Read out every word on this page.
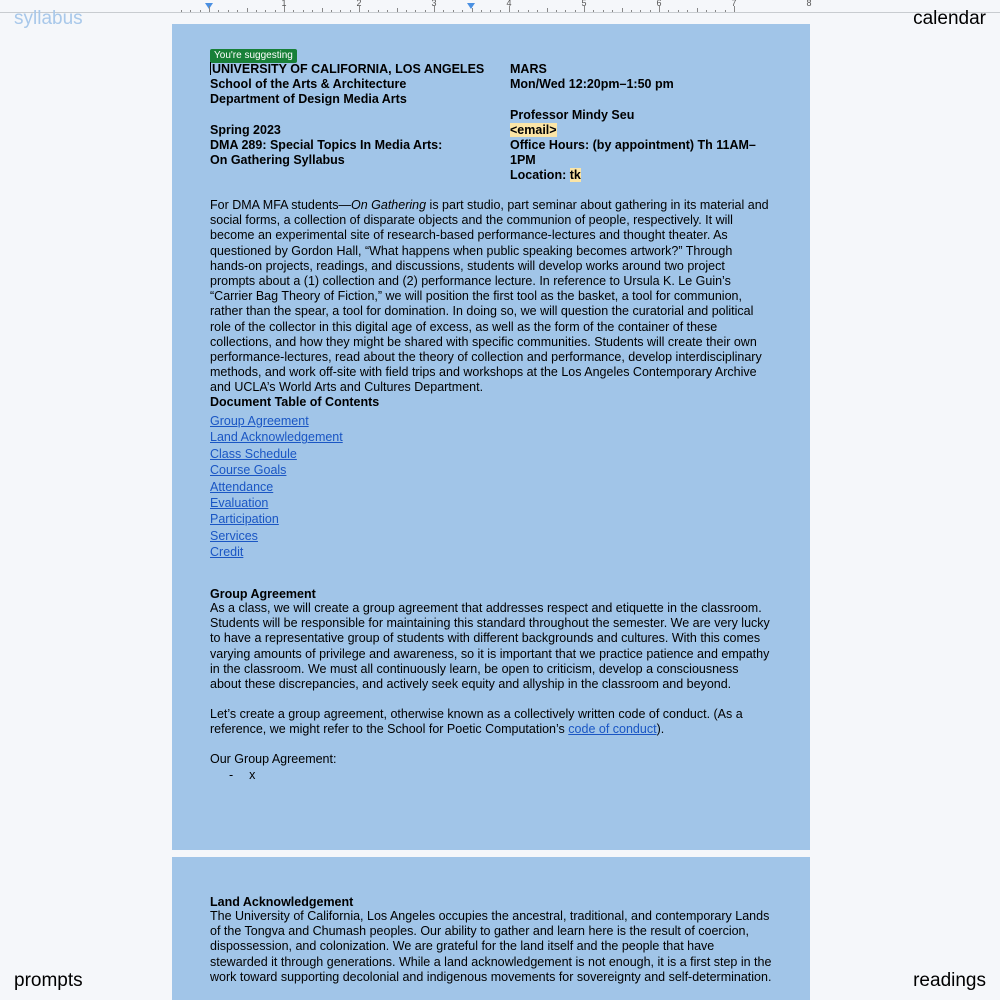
1	2	3	4	5	6	7	8
syllabus	calendar
prompts	readings
You're suggesting
UNIVERSITY OF CALIFORNIA, LOS ANGELES
School of the Arts & Architecture
Department of Design Media Arts
Spring 2023
DMA 289: Special Topics In Media Arts:
On Gathering Syllabus
MARS
Mon/Wed 12:20pm–1:50 pm
Professor Mindy Seu
<email>
Office Hours: (by appointment) Th 11AM–1PM
Location: tk

For DMA MFA students—On Gathering is part studio, part seminar about gathering in its material and social forms, a collection of disparate objects and the communion of people, respectively. It will become an experimental site of research-based performance-lectures and thought theater. As questioned by Gordon Hall, “What happens when public speaking becomes artwork?” Through hands-on projects, readings, and discussions, students will develop works around two project prompts about a (1) collection and (2) performance lecture. In reference to Ursula K. Le Guin’s “Carrier Bag Theory of Fiction,” we will position the first tool as the basket, a tool for communion, rather than the spear, a tool for domination. In doing so, we will question the curatorial and political role of the collector in this digital age of excess, as well as the form of the container of these collections, and how they might be shared with specific communities. Students will create their own performance-lectures, read about the theory of collection and performance, develop interdisciplinary methods, and work off-site with field trips and workshops at the Los Angeles Contemporary Archive and UCLA’s World Arts and Cultures Department.

Document Table of Contents
Group Agreement
Land Acknowledgement
Class Schedule
Course Goals
Attendance
Evaluation
Participation
Services
Credit
Group Agreement

As a class, we will create a group agreement that addresses respect and etiquette in the classroom. Students will be responsible for maintaining this standard throughout the semester. We are very lucky to have a representative group of students with different backgrounds and cultures. With this comes varying amounts of privilege and awareness, so it is important that we practice patience and empathy in the classroom. We must all continuously learn, be open to criticism, develop a consciousness about these discrepancies, and actively seek equity and allyship in the classroom and beyond.

Let’s create a group agreement, otherwise known as a collectively written code of conduct. (As a reference, we might refer to the School for Poetic Computation’s code of conduct).

Our Group Agreement:
- x
Land Acknowledgement

The University of California, Los Angeles occupies the ancestral, traditional, and contemporary Lands of the Tongva and Chumash peoples. Our ability to gather and learn here is the result of coercion, dispossession, and colonization. We are grateful for the land itself and the people that have stewarded it through generations. While a land acknowledgement is not enough, it is a first step in the work toward supporting decolonial and indigenous movements for sovereignty and self-determination.
